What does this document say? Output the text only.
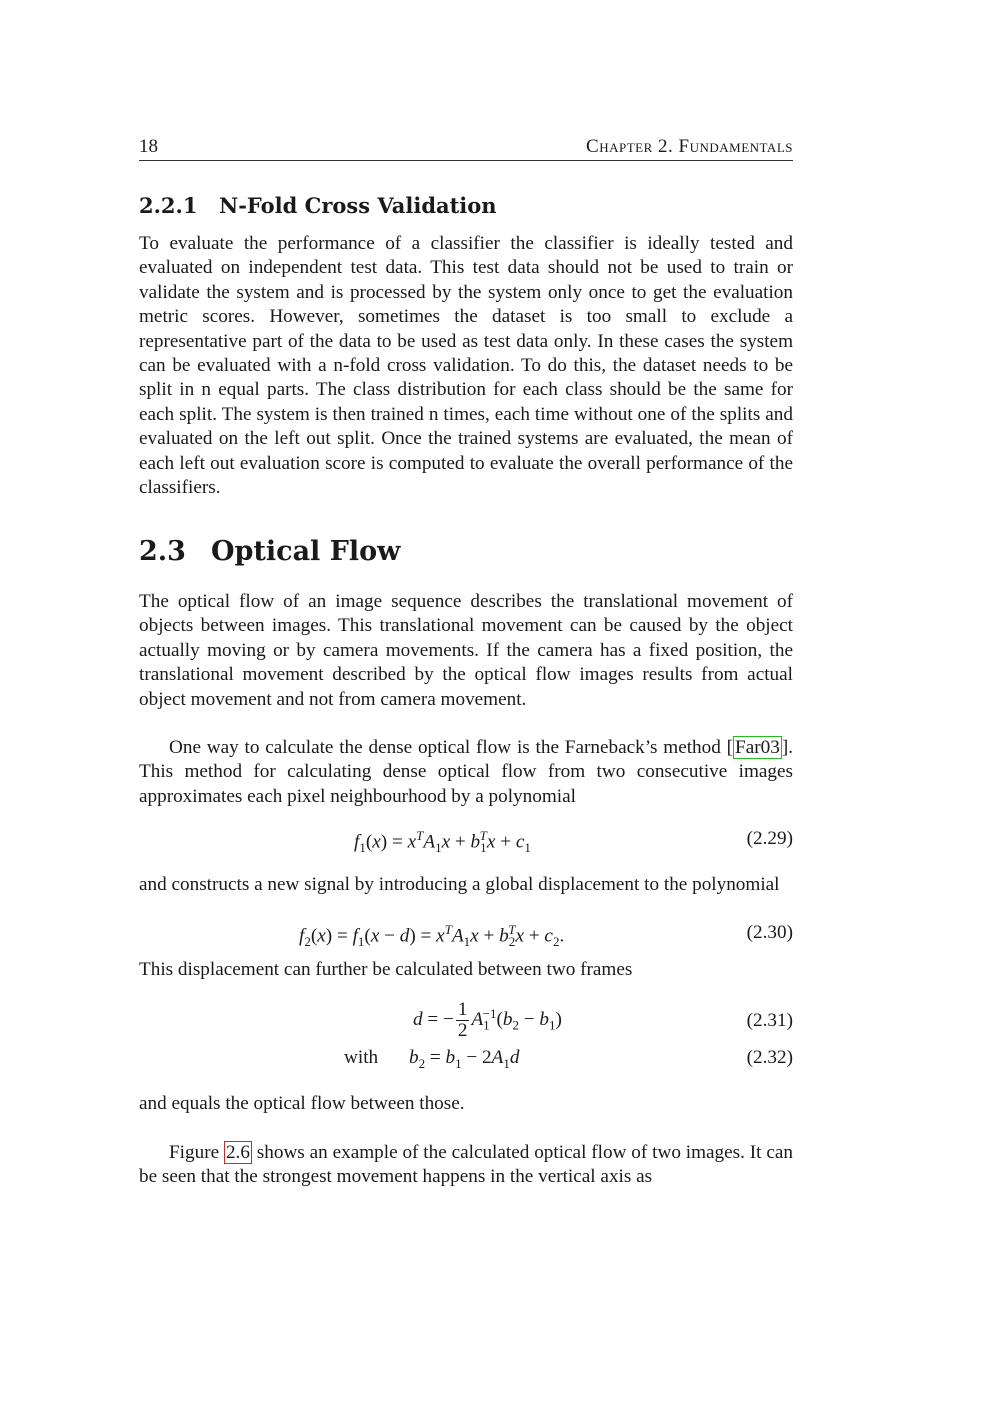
18	Chapter 2. Fundamentals
2.2.1 N-Fold Cross Validation

To evaluate the performance of a classifier the classifier is ideally tested and evaluated on independent test data. This test data should not be used to train or validate the system and is processed by the system only once to get the evaluation metric scores. However, sometimes the dataset is too small to exclude a representative part of the data to be used as test data only. In these cases the system can be evaluated with a n-fold cross validation. To do this, the dataset needs to be split in n equal parts. The class distribution for each class should be the same for each split. The system is then trained n times, each time without one of the splits and evaluated on the left out split. Once the trained systems are evaluated, the mean of each left out evaluation score is computed to evaluate the overall performance of the classifiers.

2.3 Optical Flow

The optical flow of an image sequence describes the translational movement of objects between images. This translational movement can be caused by the object actually moving or by camera movements. If the camera has a fixed position, the translational movement described by the optical flow images results from actual object movement and not from camera movement.

One way to calculate the dense optical flow is the Farneback’s method [ Far03 ]. This method for calculating dense optical flow from two consecutive images approximates each pixel neighbourhood by a polynomial

$f_1(x) = x^TA_1x + b_1^Tx + c_1$	(2.29)

and constructs a new signal by introducing a global displacement to the polynomial

$f_2(x) = f_1(x - d) = x^TA_1x + b_2^Tx + c_2$.	(2.30)

This displacement can further be calculated between two frames

d = − $\frac{1}{2} A_1^{-1}(b_2 - b_1)$	(2.31)
with $b_2 = b_1 - 2A_1d$	(2.32)

and equals the optical flow between those.

Figure 2.6 shows an example of the calculated optical flow of two images. It can be seen that the strongest movement happens in the vertical axis as
